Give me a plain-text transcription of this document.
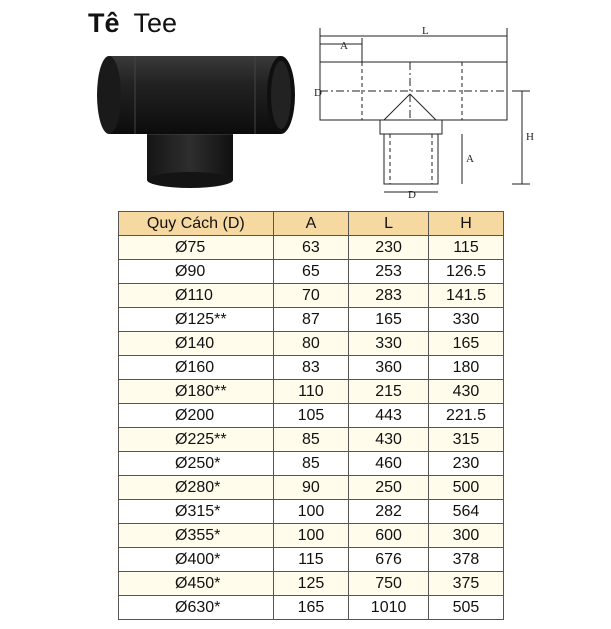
Tê Tee
A
L
D
H
A
D
Quy Cách (D)	A	L	H
Ø75	63	230	115
Ø90	65	253	126.5
Ø110	70	283	141.5
Ø125**	87	165	330
Ø140	80	330	165
Ø160	83	360	180
Ø180**	110	215	430
Ø200	105	443	221.5
Ø225**	85	430	315
Ø250*	85	460	230
Ø280*	90	250	500
Ø315*	100	282	564
Ø355*	100	600	300
Ø400*	115	676	378
Ø450*	125	750	375
Ø630*	165	1010	505
